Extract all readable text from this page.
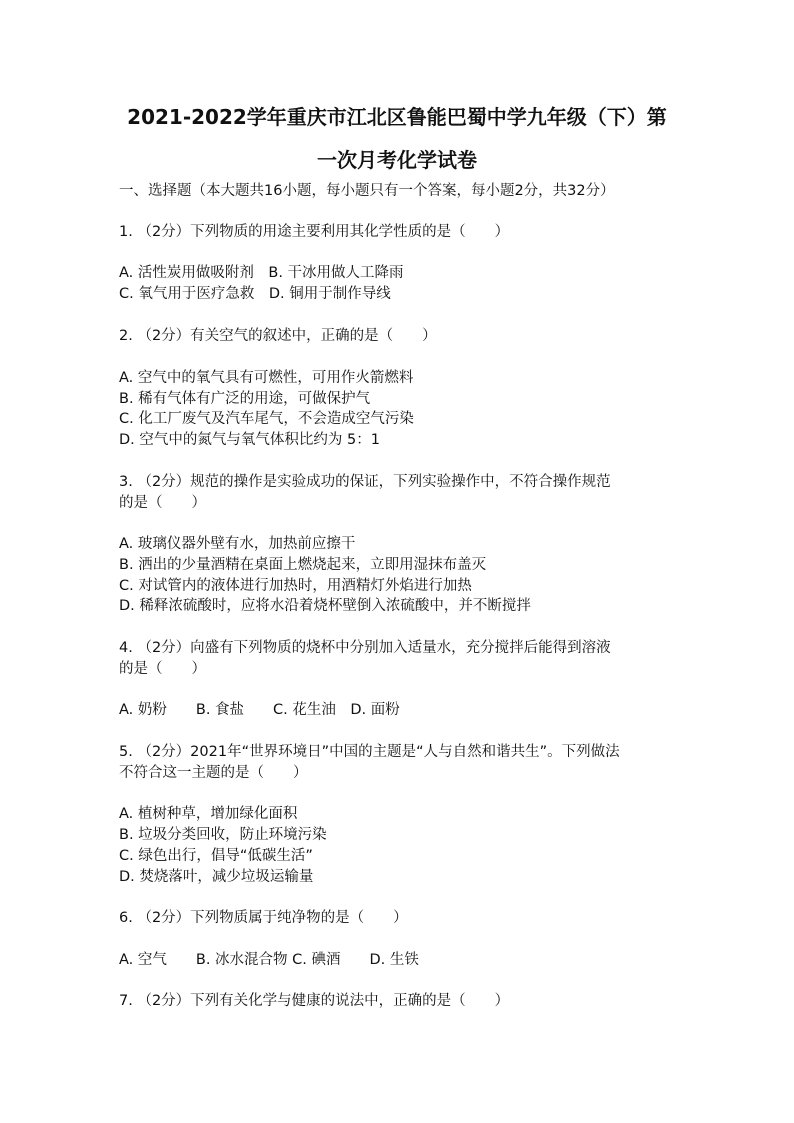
2021-2022学年重庆市江北区鲁能巴蜀中学九年级（下）第
一次月考化学试卷
一、选择题（本大题共16小题，每小题只有一个答案，每小题2分，共32分）
1. （2分）下列物质的用途主要利用其化学性质的是（　　）
A. 活性炭用做吸附剂　B. 干冰用做人工降雨
C. 氧气用于医疗急救　D. 铜用于制作导线
2. （2分）有关空气的叙述中，正确的是（　　）
A. 空气中的氧气具有可燃性，可用作火箭燃料
B. 稀有气体有广泛的用途，可做保护气
C. 化工厂废气及汽车尾气，不会造成空气污染
D. 空气中的氮气与氧气体积比约为 5：1
3. （2分）规范的操作是实验成功的保证，下列实验操作中，不符合操作规范
的是（　　）
A. 玻璃仪器外壁有水，加热前应擦干
B. 洒出的少量酒精在桌面上燃烧起来，立即用湿抹布盖灭
C. 对试管内的液体进行加热时，用酒精灯外焰进行加热
D. 稀释浓硫酸时，应将水沿着烧杯壁倒入浓硫酸中，并不断搅拌
4. （2分）向盛有下列物质的烧杯中分别加入适量水，充分搅拌后能得到溶液
的是（　　）
A. 奶粉　　B. 食盐　　C. 花生油　D. 面粉
5. （2分）2021年“世界环境日”中国的主题是“人与自然和谐共生”。下列做法
不符合这一主题的是（　　）
A. 植树种草，增加绿化面积
B. 垃圾分类回收，防止环境污染
C. 绿色出行，倡导“低碳生活”
D. 焚烧落叶，减少垃圾运输量
6. （2分）下列物质属于纯净物的是（　　）
A. 空气　　B. 冰水混合物 C. 碘酒　　D. 生铁
7. （2分）下列有关化学与健康的说法中，正确的是（　　）
